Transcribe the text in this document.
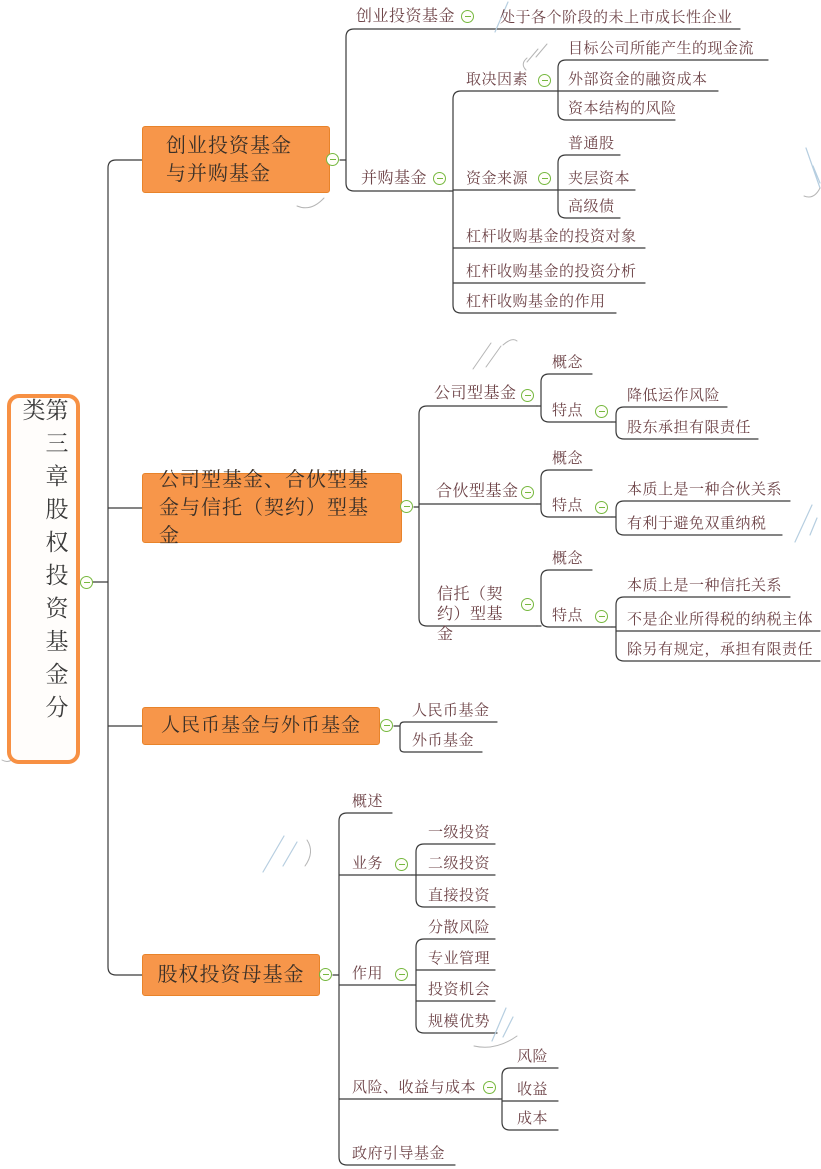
第三章股权投资基金分类
创业投资基金与并购基金
创业投资基金	处于各个阶段的未上市成长性企业
并购基金
取决因素
目标公司所能产生的现金流
外部资金的融资成本
资本结构的风险
资金来源
普通股
夹层资本
高级债
杠杆收购基金的投资对象
杠杆收购基金的投资分析
杠杆收购基金的作用
公司型基金、合伙型基金与信托（契约）型基金
公司型基金
概念
特点
降低运作风险
股东承担有限责任
合伙型基金
概念
特点
本质上是一种合伙关系
有利于避免双重纳税
信托（契约）型基金
概念
特点
本质上是一种信托关系
不是企业所得税的纳税主体
除另有规定，承担有限责任
人民币基金与外币基金
人民币基金
外币基金
股权投资母基金
概述
业务
一级投资
二级投资
直接投资
作用
分散风险
专业管理
投资机会
规模优势
风险、收益与成本
风险
收益
成本
政府引导基金
